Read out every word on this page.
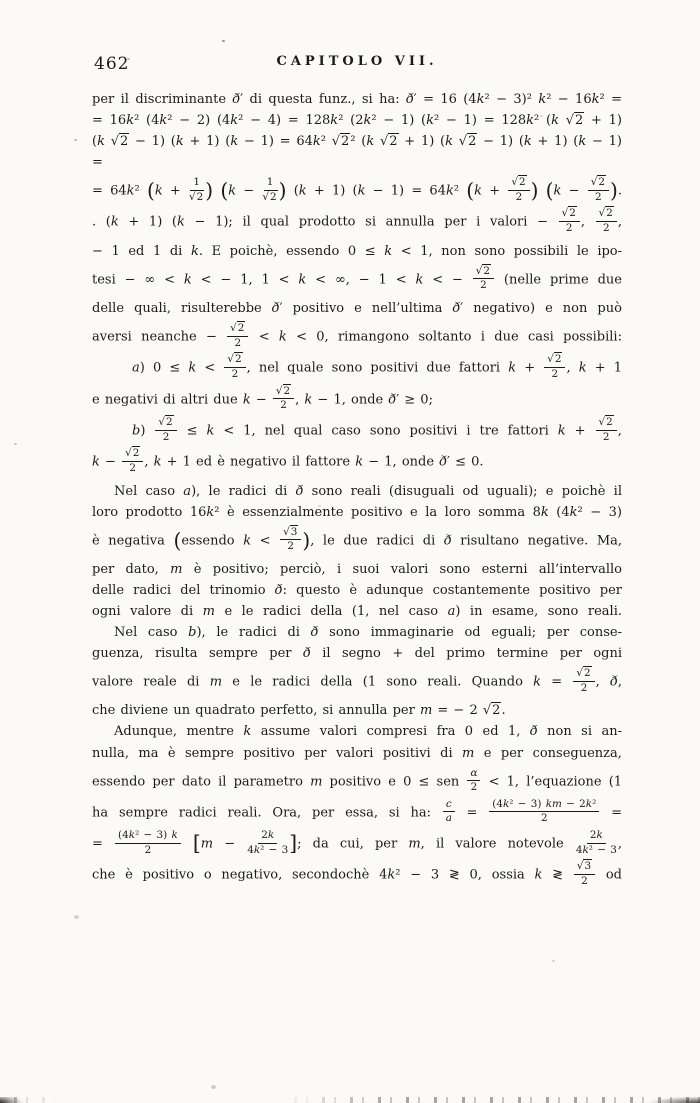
462	CAPITOLO VII.
per il discriminante ð′ di questa funz., si ha: ð′ = 16 (4k² − 3)² k² − 16k² =
= 16k² (4k² − 2) (4k² − 4) = 128k² (2k² − 1) (k² − 1) = 128k² (k √2 + 1)
(k √2 − 1) (k + 1) (k − 1) = 64k² √2² (k √2 + 1) (k √2 − 1) (k + 1) (k − 1) =
= 64k² ($k + \frac{1}{√2}$ ) ($k - \frac{1}{√2}$ ) (k + 1) (k − 1) = 64k² ($k + \frac{√2}{2}$ ) ($k - \frac{√2}{2}$ ).
. (k + 1) (k − 1); il qual prodotto si annulla per i valori − $\frac{√2}{2}$ , $\frac{√2}{2}$ ,
− 1 ed 1 di k. E poichè, essendo 0 ≤ k < 1, non sono possibili le ipo-
tesi − ∞ < k < − 1, 1 < k < ∞, − 1 < k < − $\frac{√2}{2}$ (nelle prime due
delle quali, risulterebbe ð′ positivo e nell’ultima ð′ negativo) e non può
aversi neanche − $\frac{√2}{2} < k < 0$, rimangono soltanto i due casi possibili:
a) $0 \le k < \frac{√2}{2}$ , nel quale sono positivi due fattori $k + \frac{√2}{2}$ , k + 1
e negativi di altri due $k - \frac{√2}{2}$ , k − 1, onde ð′ ≥ 0;
$b) \frac{√2}{2} \le k < 1$, nel qual caso sono positivi i tre fattori $k + \frac{√2}{2}$ ,
$k - \frac{√2}{2}$ , k + 1 ed è negativo il fattore k − 1, onde ð′ ≤ 0.
Nel caso a), le radici di ð sono reali (disuguali od uguali); e poichè il
loro prodotto 16k² è essenzialmente positivo e la loro somma 8k (4k² − 3)
è negativa (essendo $k < \frac{√3}{2}$ ), le due radici di ð risultano negative. Ma,
per dato, m è positivo; perciò, i suoi valori sono esterni all’intervallo
delle radici del trinomio ð: questo è adunque costantemente positivo per
ogni valore di m e le radici della (1, nel caso a) in esame, sono reali.
Nel caso b), le radici di ð sono immaginarie od eguali; per conse-
guenza, risulta sempre per ð il segno + del primo termine per ogni
valore reale di m e le radici della (1 sono reali. Quando $k = \frac{√2}{2}$ , ð,
che diviene un quadrato perfetto, si annulla per m = − 2 √2.
Adunque, mentre k assume valori compresi fra 0 ed 1, ð non si an-
nulla, ma è sempre positivo per valori positivi di m e per conseguenza,
essendo per dato il parametro m positivo e 0 ≤ sen $\frac{\alpha}{2} < 1$, l’equazione (1
ha sempre radici reali. Ora, per essa, si ha: $\frac{c}{a} = \frac{\text{(4k² − 3) km − 2k²}}{2}$ =
= $\frac{\text{(4k² − 3) k}}{2} [m - \frac{2k}{\text{4k² − 3}}$ ]; da cui, per m, il valore notevole $\frac{2k}{\text{4k² − 3}}$ ,
che è positivo o negativo, secondochè 4k² − 3 ≷ 0, ossia k ≷ $\frac{√3}{2}$ od
